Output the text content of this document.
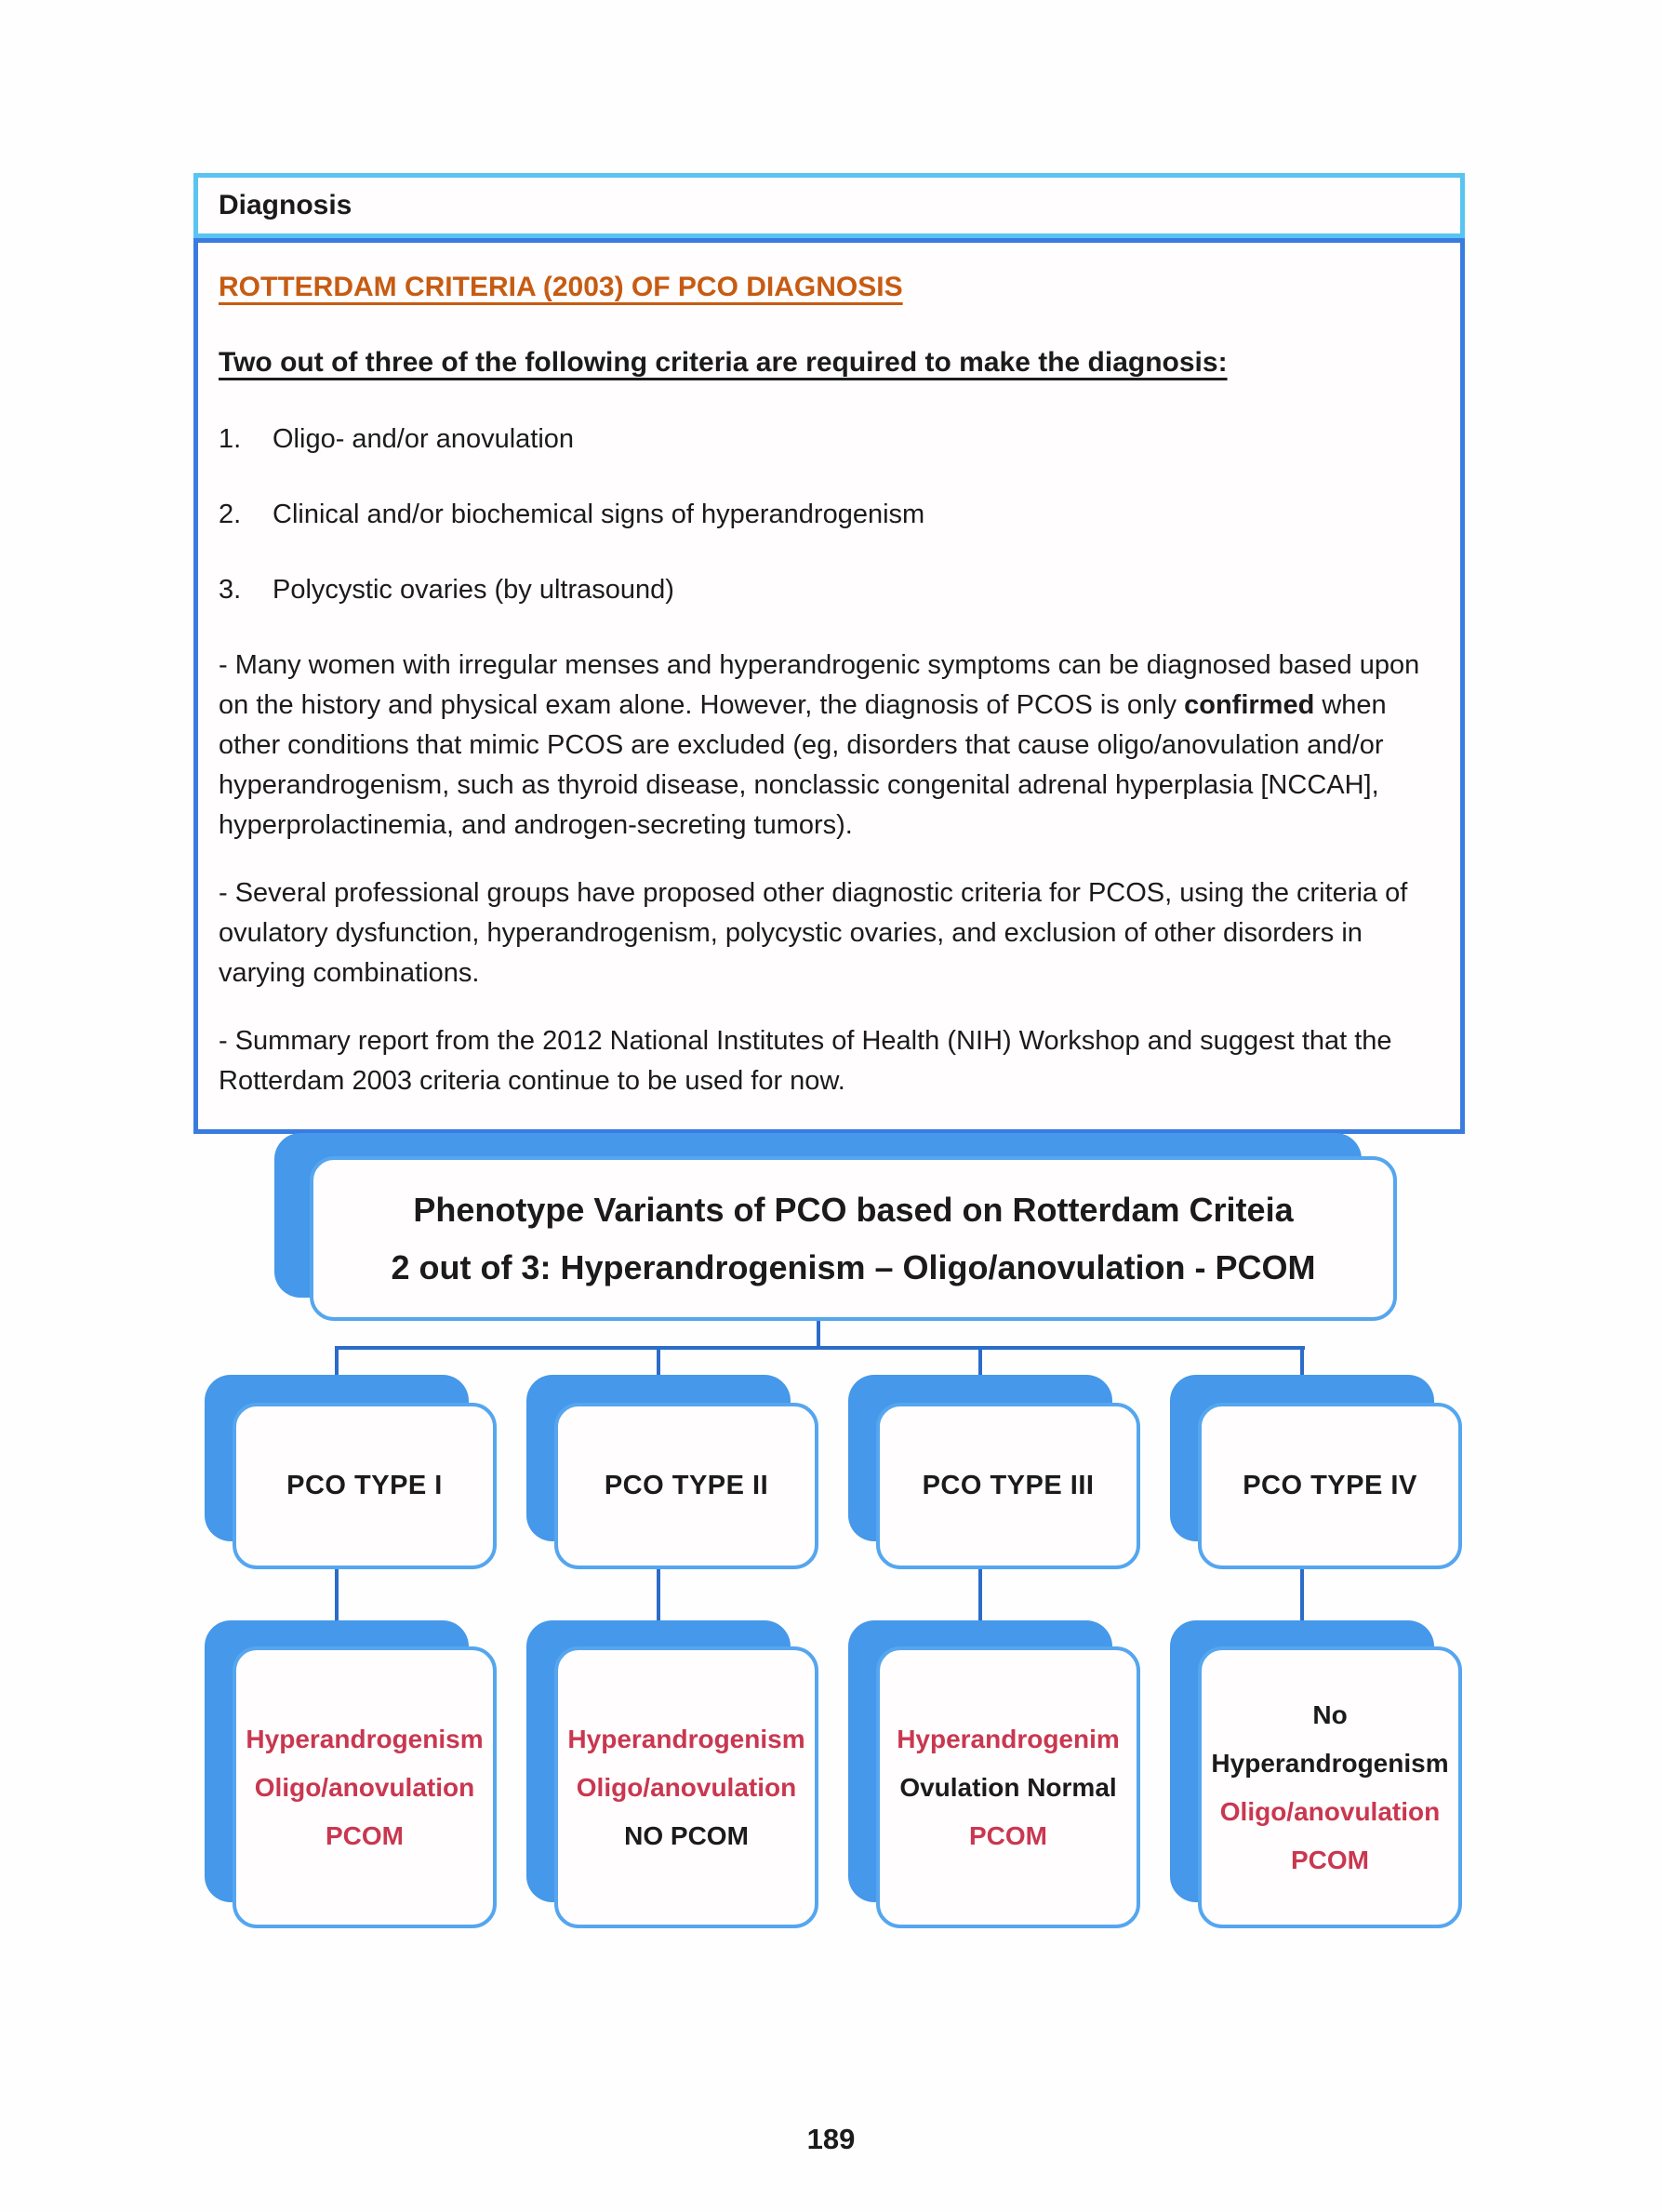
Diagnosis

ROTTERDAM CRITERIA (2003) OF PCO DIAGNOSIS

Two out of three of the following criteria are required to make the diagnosis:

1.	Oligo- and/or anovulation
2.	Clinical and/or biochemical signs of hyperandrogenism
3.	Polycystic ovaries (by ultrasound)

- Many women with irregular menses and hyperandrogenic symptoms can be diagnosed based upon on the history and physical exam alone. However, the diagnosis of PCOS is only confirmed when other conditions that mimic PCOS are excluded (eg, disorders that cause oligo/anovulation and/or hyperandrogenism, such as thyroid disease, nonclassic congenital adrenal hyperplasia [NCCAH], hyperprolactinemia, and androgen-secreting tumors).

- Several professional groups have proposed other diagnostic criteria for PCOS, using the criteria of ovulatory dysfunction, hyperandrogenism, polycystic ovaries, and exclusion of other disorders in varying combinations.

- Summary report from the 2012 National Institutes of Health (NIH) Workshop and suggest that the Rotterdam 2003 criteria continue to be used for now.

Phenotype Variants of PCO based on Rotterdam Criteia
2 out of 3: Hyperandrogenism – Oligo/anovulation - PCOM
PCO TYPE I	PCO TYPE II	PCO TYPE III	PCO TYPE IV
Hyperandrogenism
Oligo/anovulation
PCOM
Hyperandrogenism
Oligo/anovulation
NO PCOM
Hyperandrogenim
Ovulation Normal
PCOM
No Hyperandrogenism
Oligo/anovulation
PCOM
189
